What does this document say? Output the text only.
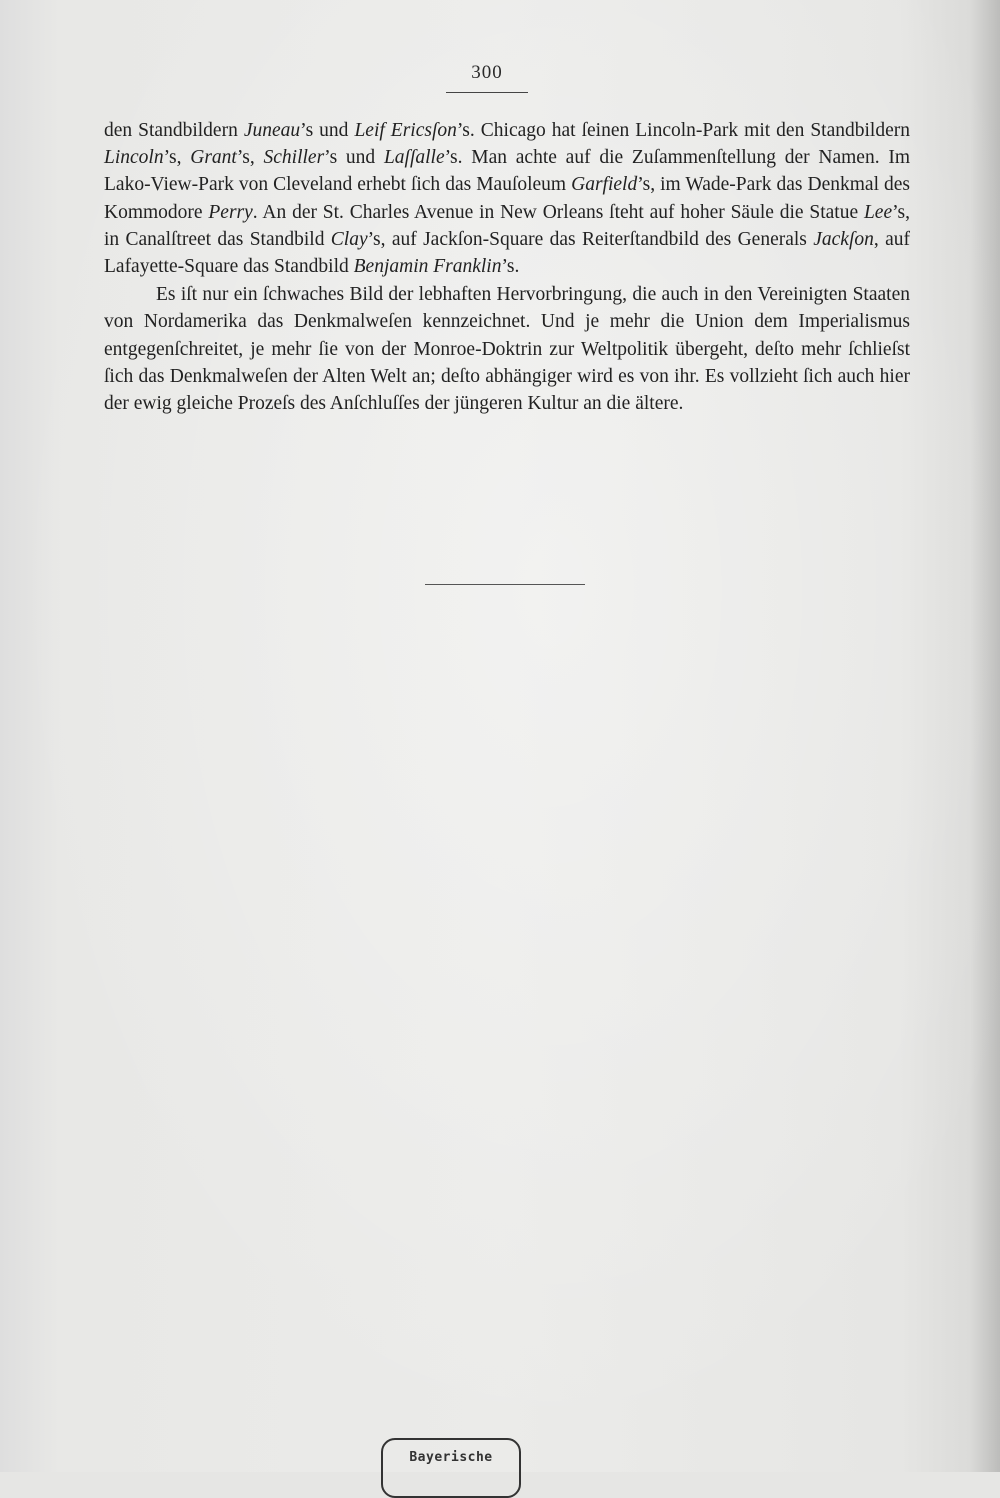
300

den Standbildern Juneau’s und Leif Ericsſon’s. Chicago hat ſeinen Lincoln-Park mit den Standbildern Lincoln’s, Grant’s, Schiller’s und Laſſalle’s. Man achte auf die Zuſammenſtellung der Namen. Im Lako-View-Park von Cleveland erhebt ſich das Mauſoleum Garfield’s, im Wade-Park das Denkmal des Kommodore Perry. An der St. Charles Avenue in New Orleans ſteht auf hoher Säule die Statue Lee’s, in Canalſtreet das Standbild Clay’s, auf Jackſon-Square das Reiterſtandbild des Generals Jackſon, auf Lafayette-Square das Standbild Benjamin Franklin’s.

Es iſt nur ein ſchwaches Bild der lebhaften Hervorbringung, die auch in den Vereinigten Staaten von Nordamerika das Denkmalweſen kennzeichnet. Und je mehr die Union dem Imperialismus entgegenſchreitet, je mehr ſie von der Monroe-Doktrin zur Weltpolitik übergeht, deſto mehr ſchlieſst ſich das Denkmalweſen der Alten Welt an; deſto abhängiger wird es von ihr. Es vollzieht ſich auch hier der ewig gleiche Prozeſs des Anſchluſſes der jüngeren Kultur an die ältere.

Bayerische
